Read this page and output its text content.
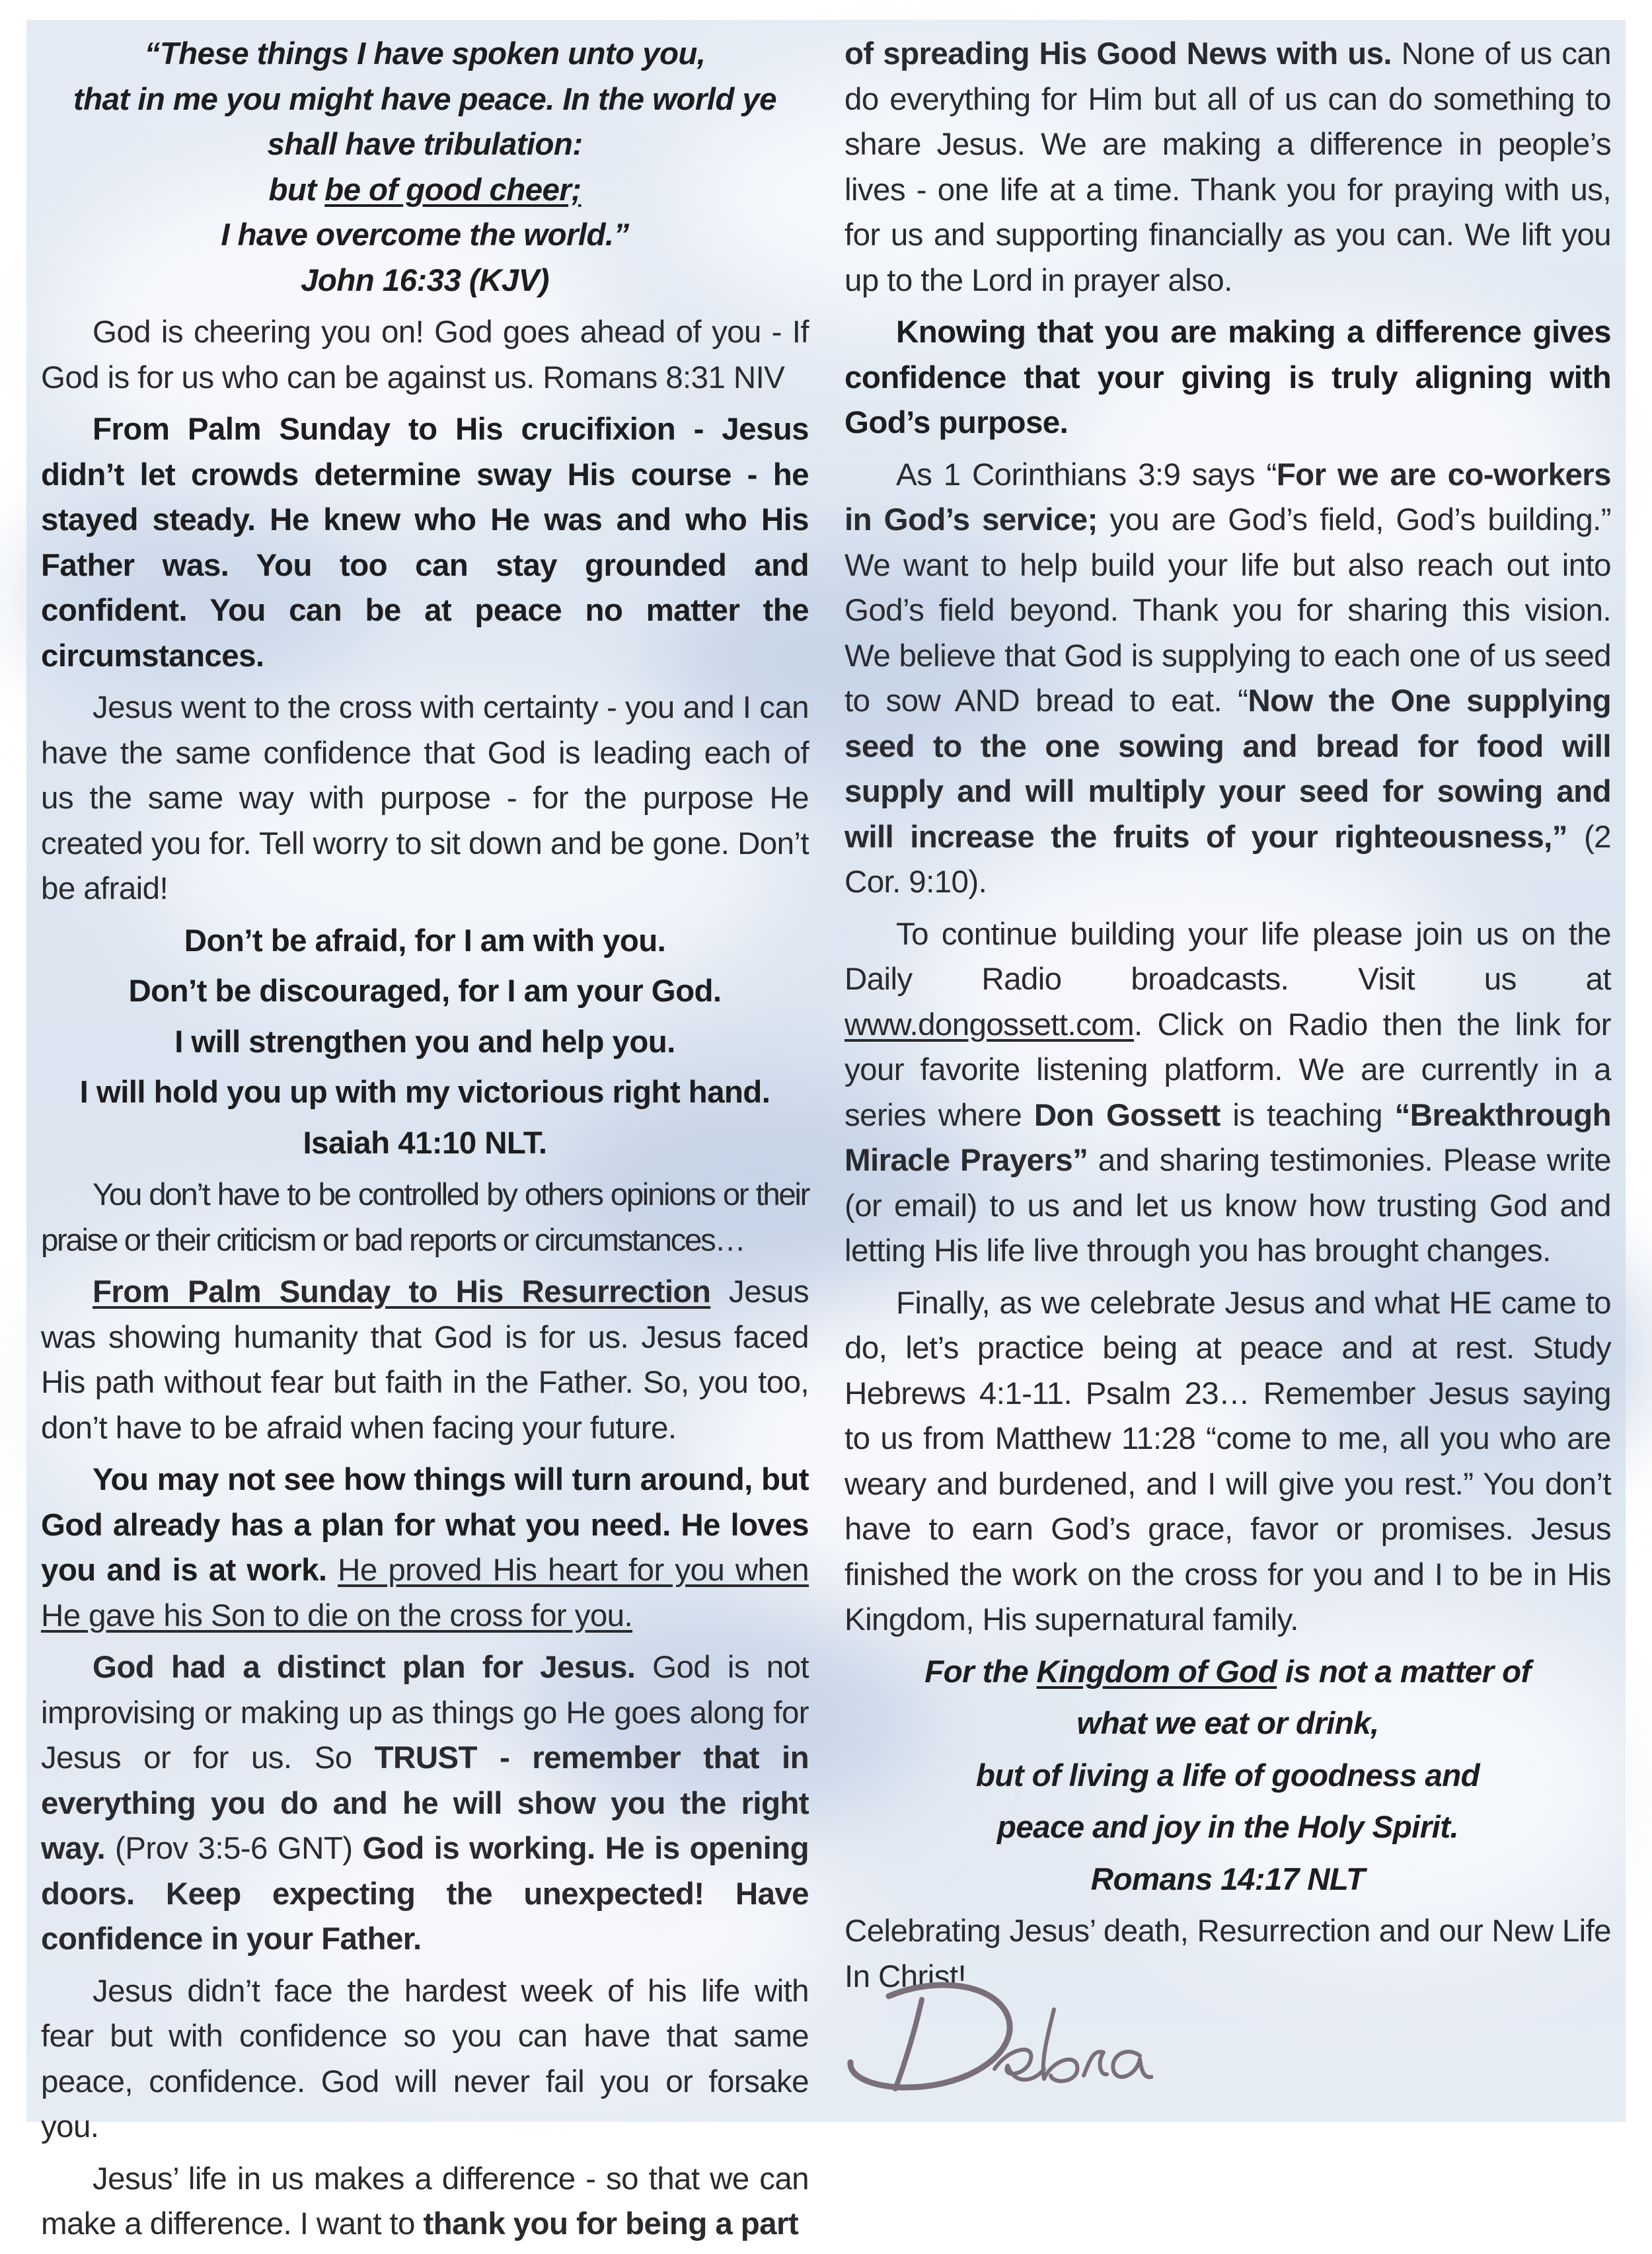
“These things I have spoken unto you,

that in me you might have peace. In the world ye shall have tribulation:

but be of good cheer;

I have overcome the world.”

John 16:33 (KJV)

God is cheering you on! God goes ahead of you - If God is for us who can be against us. Romans 8:31 NIV

From Palm Sunday to His crucifixion - Jesus didn’t let crowds determine sway His course - he stayed steady. He knew who He was and who His Father was. You too can stay grounded and confident. You can be at peace no matter the circumstances.

Jesus went to the cross with certainty - you and I can have the same confidence that God is leading each of us the same way with purpose - for the purpose He created you for. Tell worry to sit down and be gone. Don’t be afraid!

Don’t be afraid, for I am with you.

Don’t be discouraged, for I am your God.

I will strengthen you and help you.

I will hold you up with my victorious right hand.

Isaiah 41:10 NLT.

You don’t have to be controlled by others opinions or their praise or their criticism or bad reports or circumstances…

From Palm Sunday to His Resurrection Jesus was showing humanity that God is for us. Jesus faced His path without fear but faith in the Father. So, you too, don’t have to be afraid when facing your future.

You may not see how things will turn around, but God already has a plan for what you need. He loves you and is at work. He proved His heart for you when He gave his Son to die on the cross for you.

God had a distinct plan for Jesus. God is not improvising or making up as things go He goes along for Jesus or for us. So TRUST - remember that in everything you do and he will show you the right way. (Prov 3:5-6 GNT) God is working. He is opening doors. Keep expecting the unexpected! Have confidence in your Father.

Jesus didn’t face the hardest week of his life with fear but with confidence so you can have that same peace, confidence. God will never fail you or forsake you.

Jesus’ life in us makes a difference - so that we can make a difference. I want to thank you for being a part

of spreading His Good News with us. None of us can do everything for Him but all of us can do something to share Jesus. We are making a difference in people’s lives - one life at a time. Thank you for praying with us, for us and supporting financially as you can. We lift you up to the Lord in prayer also.

Knowing that you are making a difference gives confidence that your giving is truly aligning with God’s purpose.

As 1 Corinthians 3:9 says “For we are co-workers in God’s service; you are God’s field, God’s building.” We want to help build your life but also reach out into God’s field beyond. Thank you for sharing this vision. We believe that God is supplying to each one of us seed to sow AND bread to eat. “Now the One supplying seed to the one sowing and bread for food will supply and will multiply your seed for sowing and will increase the fruits of your righteousness,” (2 Cor. 9:10).

To continue building your life please join us on the Daily Radio broadcasts. Visit us at www.dongossett.com. Click on Radio then the link for your favorite listening platform. We are currently in a series where Don Gossett is teaching “Breakthrough Miracle Prayers” and sharing testimonies. Please write (or email) to us and let us know how trusting God and letting His life live through you has brought changes.

Finally, as we celebrate Jesus and what HE came to do, let’s practice being at peace and at rest. Study Hebrews 4:1-11. Psalm 23… Remember Jesus saying to us from Matthew 11:28 “come to me, all you who are weary and burdened, and I will give you rest.” You don’t have to earn God’s grace, favor or promises. Jesus finished the work on the cross for you and I to be in His Kingdom, His supernatural family.

For the Kingdom of God is not a matter of

what we eat or drink,

but of living a life of goodness and

peace and joy in the Holy Spirit.

Romans 14:17 NLT

Celebrating Jesus’ death, Resurrection and our New Life In Christ!
